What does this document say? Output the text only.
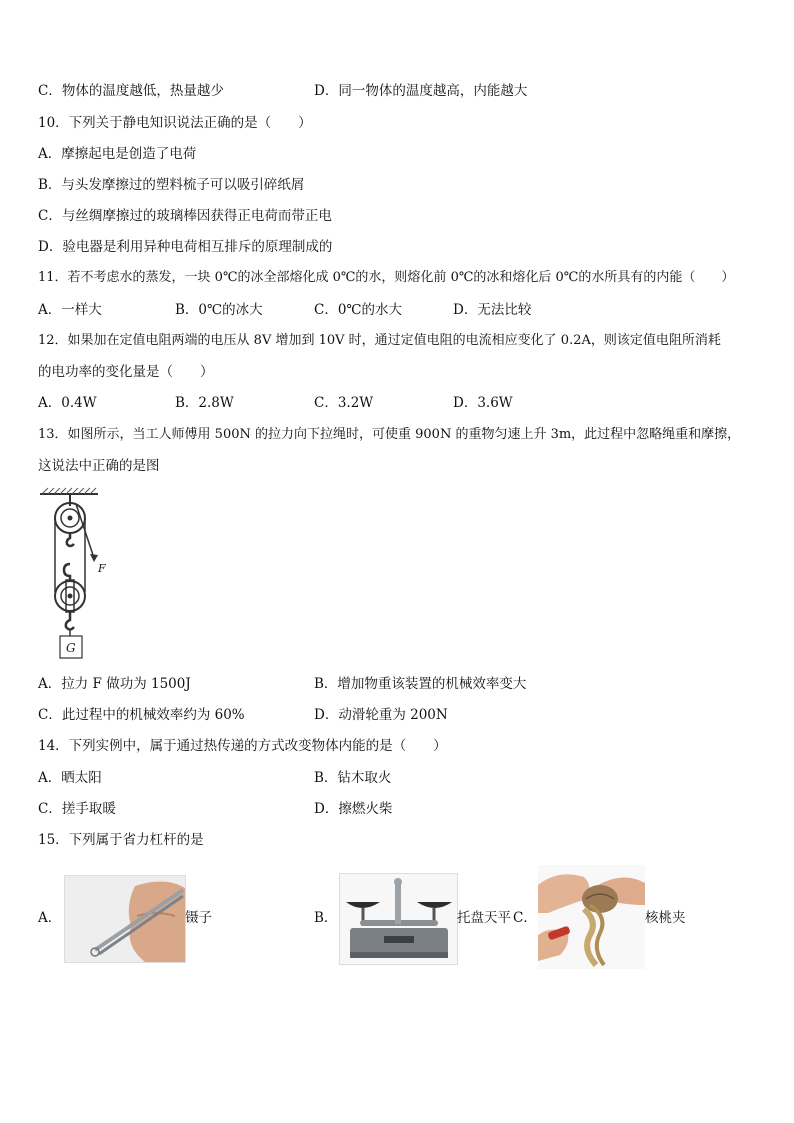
C．物体的温度越低，热量越少	D．同一物体的温度越高，内能越大
10．下列关于静电知识说法正确的是（　　）
A．摩擦起电是创造了电荷
B．与头发摩擦过的塑料梳子可以吸引碎纸屑
C．与丝绸摩擦过的玻璃棒因获得正电荷而带正电
D．验电器是利用异种电荷相互排斥的原理制成的
11．若不考虑水的蒸发，一块 0℃的冰全部熔化成 0℃的水，则熔化前 0℃的冰和熔化后 0℃的水所具有的内能（　　）
A．一样大	B．0℃的冰大	C．0℃的水大	D．无法比较
12．如果加在定值电阻两端的电压从 8V 增加到 10V 时，通过定值电阻的电流相应变化了 0.2A，则该定值电阻所消耗
的电功率的变化量是（　　）
A．0.4W	B．2.8W	C．3.2W	D．3.6W
13．如图所示，当工人师傅用 500N 的拉力向下拉绳时，可使重 900N 的重物匀速上升 3m，此过程中忽略绳重和摩擦，
这说法中正确的是图
F
G
A．拉力 F 做功为 1500J	B．增加物重该装置的机械效率变大
C．此过程中的机械效率约为 60%	D．动滑轮重为 200N
14．下列实例中，属于通过热传递的方式改变物体内能的是（　　）
A．晒太阳	B．钻木取火
C．搓手取暖	D．擦燃火柴
15．下列属于省力杠杆的是
A．	镊子	B．	托盘天平 C．	核桃夹
